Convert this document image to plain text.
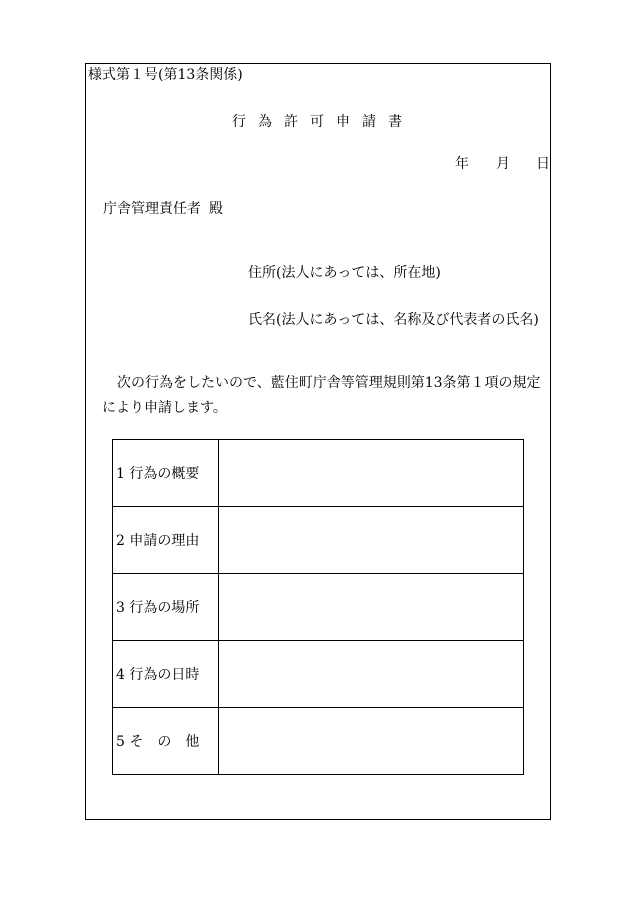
様式第１号(第13条関係)
行為許可申請書
年 月 日
庁舎管理責任者 殿
住所(法人にあっては、所在地)
氏名(法人にあっては、名称及び代表者の氏名)
次の行為をしたいので、藍住町庁舎等管理規則第13条第１項の規定
により申請します。
1 行為の概要	
2 申請の理由	
3 行為の場所	
4 行為の日時	
5 そ　の　他	
